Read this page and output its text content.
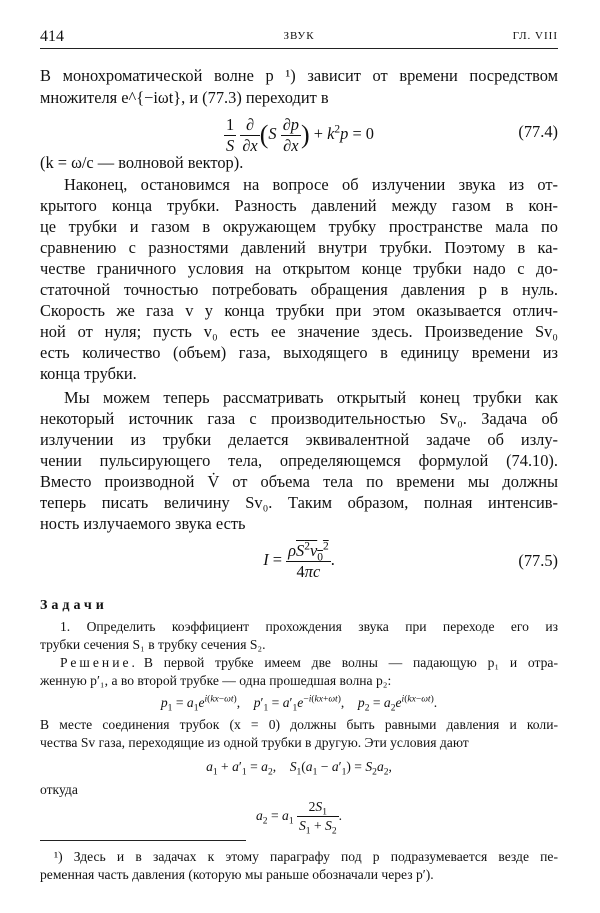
414	ЗВУК	ГЛ. VIII
В монохроматической волне p ¹) зависит от времени посредством
множителя e^{−iωt}, и (77.3) переходит в
$\frac{1}{S}$
$\frac{\partial}{\partial x} (S \frac{\partial p}{\partial x}$ ) + $k^2p = 0$	(77.4)
(k = ω/c — волновой вектор).
Наконец, остановимся на вопросе об излучении звука из от-
крытого конца трубки. Разность давлений между газом в кон-
це трубки и газом в окружающем трубку пространстве мала по
сравнению с разностями давлений внутри трубки. Поэтому в ка-
честве граничного условия на открытом конце трубки надо с до-
статочной точностью потребовать обращения давления p в нуль.
Скорость же газа v у конца трубки при этом оказывается отлич-
ной от нуля; пусть v₀ есть ее значение здесь. Произведение Sv₀
есть количество (объем) газа, выходящего в единицу времени из
конца трубки.
Мы можем теперь рассматривать открытый конец трубки как
некоторый источник газа с производительностью Sv₀. Задача об
излучении из трубки делается эквивалентной задаче об излу-
чении пульсирующего тела, определяющемся формулой (74.10).
Вместо производной V̇ от объема тела по времени мы должны
теперь писать величину Sv₀. Таким образом, полная интенсив-
ность излучаемого звука есть
$I = \frac{\rho S^2v_0^2}{4\pi c}$ .	(77.5)
Задачи
1. Определить коэффициент прохождения звука при переходе его из
трубки сечения S₁ в трубку сечения S₂.
Решение. В первой трубке имеем две волны — падающую p₁ и отра-
женную p′₁, а во второй трубке — одна прошедшая волна p₂:
$p_1 = a_1e^{i(kx-\omega t)}$,    $p'_1 = a'_1e^{-i(kx+\omega t)}$,    $p_2 = a_2e^{i(kx-\omega t)}$.
В месте соединения трубок (x = 0) должны быть равными давления и коли-
чества Sv газа, переходящие из одной трубки в другую. Эти условия дают
$a_1 + a'_1 = a_2$,    $S_1(a_1 - a'_1) = S_2a_2$,
откуда
$a_2 = a_1 \frac{2S_1}{S_1 + S_2}$ .
¹) Здесь и в задачах к этому параграфу под p подразумевается везде пе-
ременная часть давления (которую мы раньше обозначали через p′).
